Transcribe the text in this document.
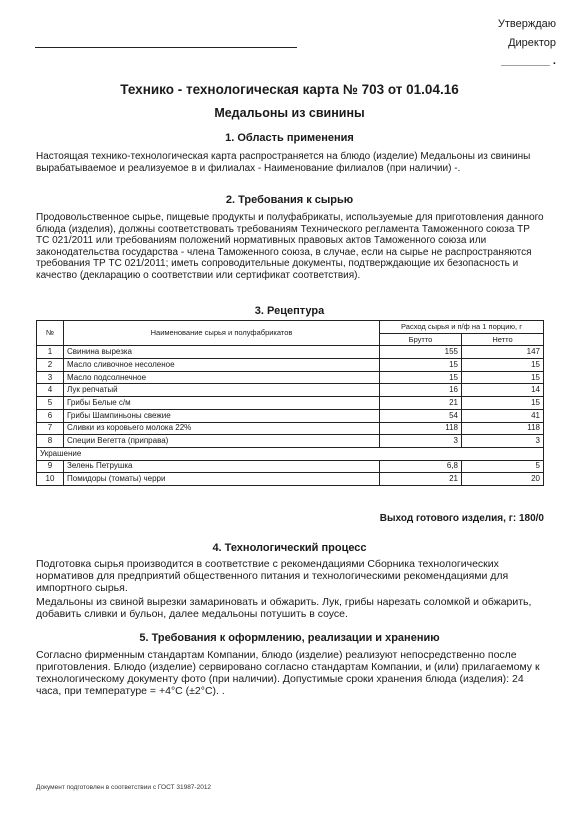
Утверждаю
Директор
________ .
Технико - технологическая карта № 703 от 01.04.16
Медальоны из свинины
1. Область применения
Настоящая технико-технологическая карта распространяется на блюдо (изделие) Медальоны из свинины вырабатываемое и реализуемое в и филиалах - Наименование филиалов (при наличии) -.
2. Требования к сырью
Продовольственное сырье, пищевые продукты и полуфабрикаты, используемые для приготовления данного блюда (изделия), должны соответствовать требованиям Технического регламента Таможенного союза ТР ТС 021/2011 или требованиям положений нормативных правовых актов Таможенного союза или законодательства государства - члена Таможенного союза, в случае, если на сырье не распространяются требования ТР ТС 021/2011; иметь сопроводительные документы, подтверждающие их безопасность и качество (декларацию о соответствии или сертификат соответствия).
3. Рецептура
№	Наименование сырья и полуфабрикатов	Расход сырья и п/ф на 1 порцию, г	
		Брутто	Нетто
1	Свинина вырезка	155	147
2	Масло сливочное несоленое	15	15
3	Масло подсолнечное	15	15
4	Лук репчатый	16	14
5	Грибы Белые с/м	21	15
6	Грибы Шампиньоны свежие	54	41
7	Сливки из коровьего молока 22%	118	118
8	Специи Вегетта (приправа)	3	3
Украшение			
9	Зелень Петрушка	6,8	5
10	Помидоры (томаты) черри	21	20
Выход готового изделия, г: 180/0
4. Технологический процесс
Подготовка сырья производится в соответствие с рекомендациями Сборника технологических нормативов для предприятий общественного питания и технологическими рекомендациями для импортного сырья.
Медальоны из свиной вырезки замариновать и обжарить. Лук, грибы нарезать соломкой и обжарить, добавить сливки и бульон, далее медальоны потушить в соусе.
5. Требования к оформлению, реализации и хранению
Согласно фирменным стандартам Компании, блюдо (изделие) реализуют непосредственно после приготовления. Блюдо (изделие) сервировано согласно стандартам Компании, и (или) прилагаемому к технологическому документу фото (при наличии). Допустимые сроки хранения блюда (изделия): 24 часа, при температуре = +4°C (±2°C). .
Документ подготовлен в соответствии с ГОСТ 31987-2012
